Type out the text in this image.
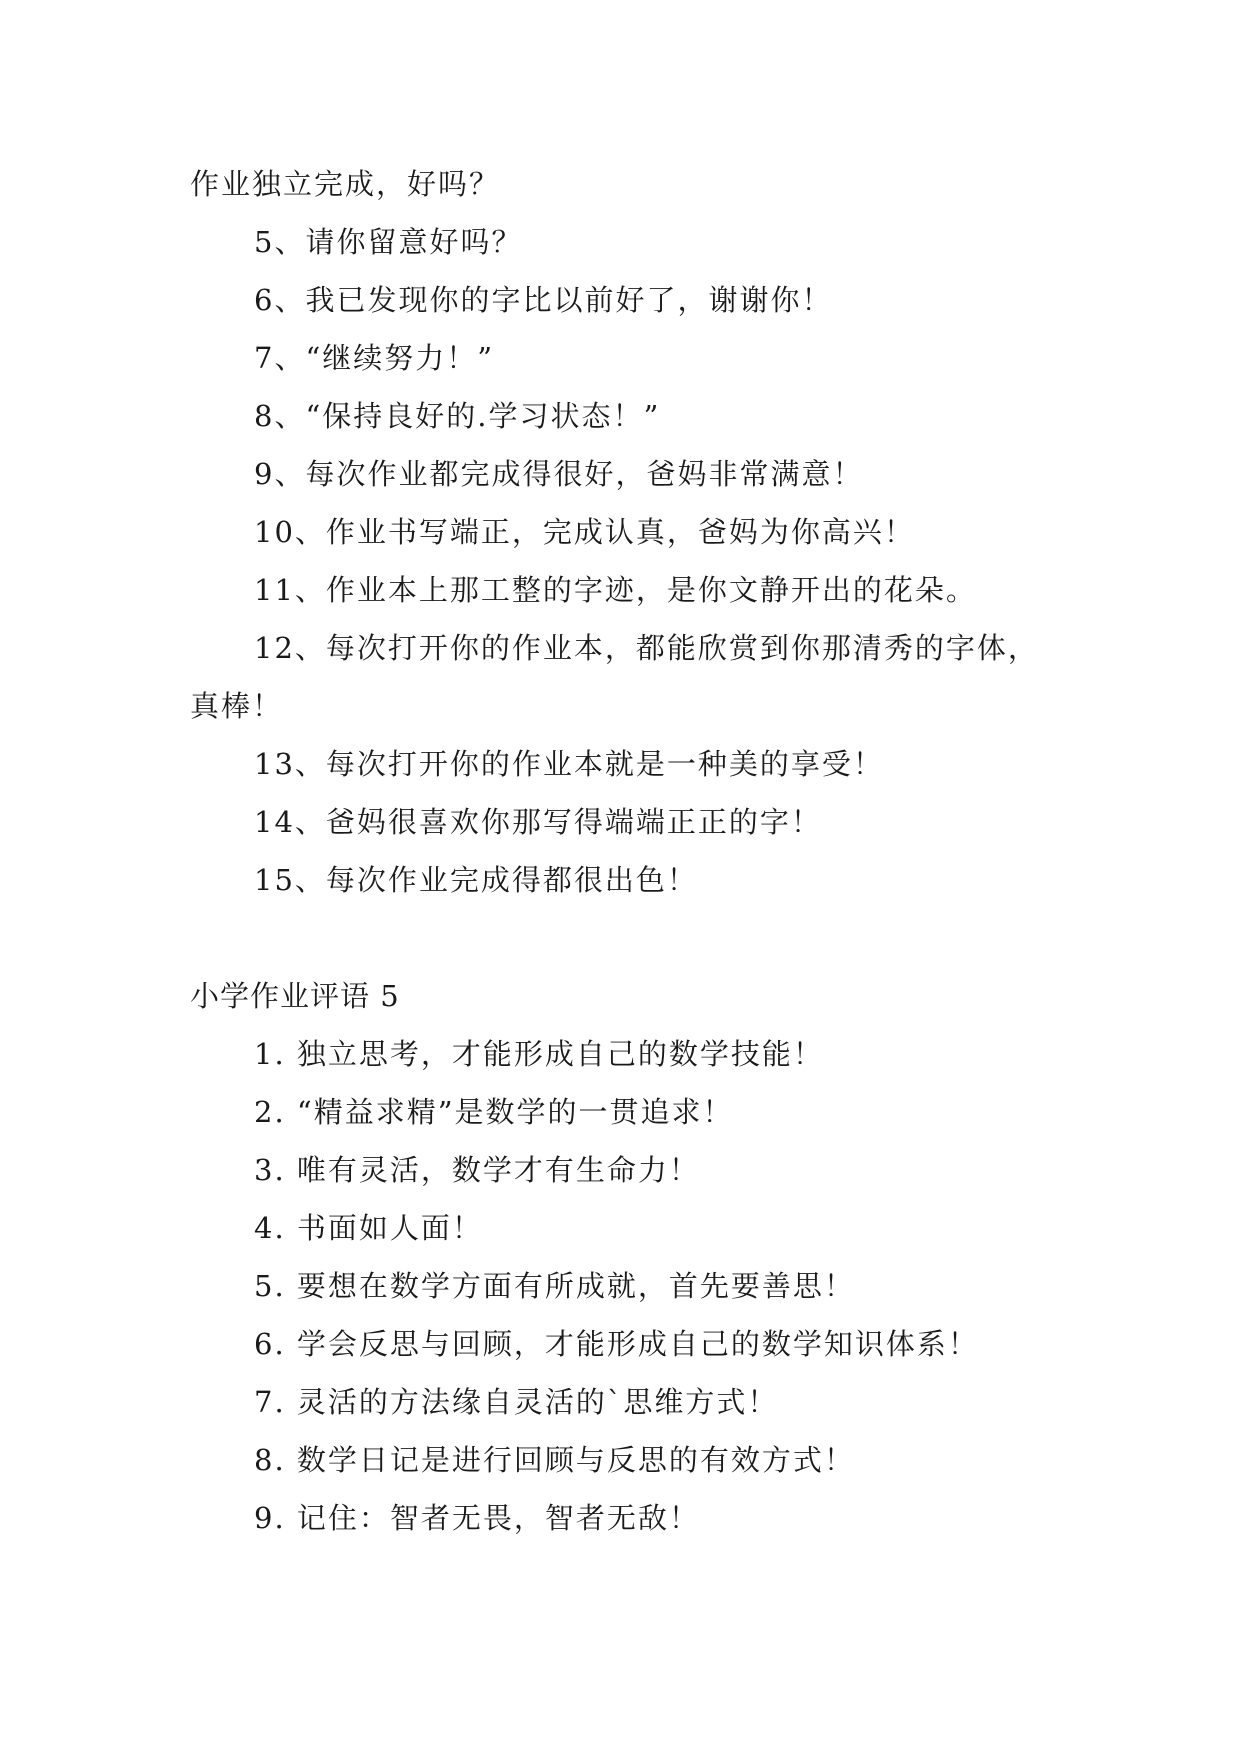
作业独立完成，好吗？
5、请你留意好吗？
6、我已发现你的字比以前好了，谢谢你！
7、“继续努力！”
8、“保持良好的.学习状态！”
9、每次作业都完成得很好，爸妈非常满意！
10、作业书写端正，完成认真，爸妈为你高兴！
11、作业本上那工整的字迹，是你文静开出的花朵。
12、每次打开你的作业本，都能欣赏到你那清秀的字体，
真棒！
13、每次打开你的作业本就是一种美的享受！
14、爸妈很喜欢你那写得端端正正的字！
15、每次作业完成得都很出色！
小学作业评语 5
1. 独立思考，才能形成自己的数学技能！
2. “精益求精”是数学的一贯追求！
3. 唯有灵活，数学才有生命力！
4. 书面如人面！
5. 要想在数学方面有所成就，首先要善思！
6. 学会反思与回顾，才能形成自己的数学知识体系！
7. 灵活的方法缘自灵活的`思维方式！
8. 数学日记是进行回顾与反思的有效方式！
9. 记住：智者无畏，智者无敌！
